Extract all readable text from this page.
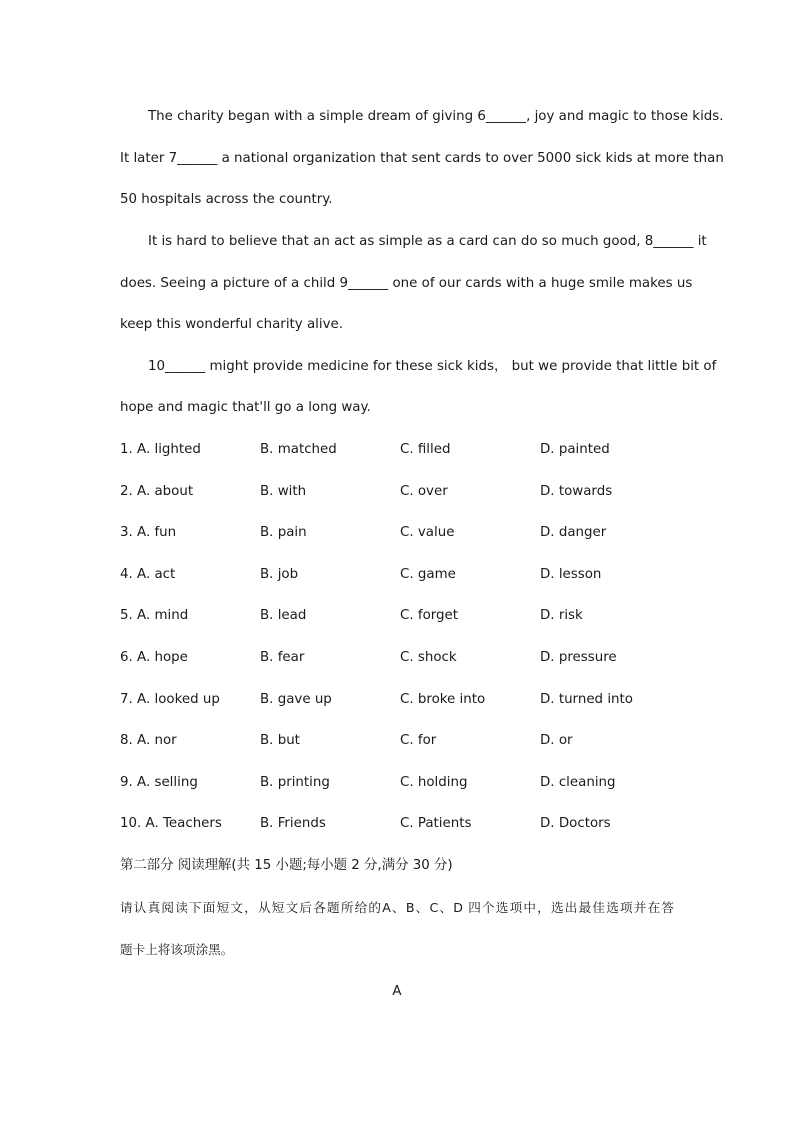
The charity began with a simple dream of giving 6______, joy and magic to those kids.
It later 7______ a national organization that sent cards to over 5000 sick kids at more than
50 hospitals across the country.
It is hard to believe that an act as simple as a card can do so much good, 8______ it
does. Seeing a picture of a child 9______ one of our cards with a huge smile makes us
keep this wonderful charity alive.
10______ might provide medicine for these sick kids， but we provide that little bit of
hope and magic that'll go a long way.
1. A. lighted	B. matched	C. filled	D. painted
2. A. about	B. with	C. over	D. towards
3. A. fun	B. pain	C. value	D. danger
4. A. act	B. job	C. game	D. lesson
5. A. mind	B. lead	C. forget	D. risk
6. A. hope	B. fear	C. shock	D. pressure
7. A. looked up	B. gave up	C. broke into	D. turned into
8. A. nor	B. but	C. for	D. or
9. A. selling	B. printing	C. holding	D. cleaning
10. A. Teachers	B. Friends	C. Patients	D. Doctors
第二部分 阅读理解(共 15 小题;每小题 2 分,满分 30 分)
请认真阅读下面短文，从短文后各题所给的A、B、C、D 四个选项中，选出最佳选项并在答
题卡上将该项涂黑。
A
